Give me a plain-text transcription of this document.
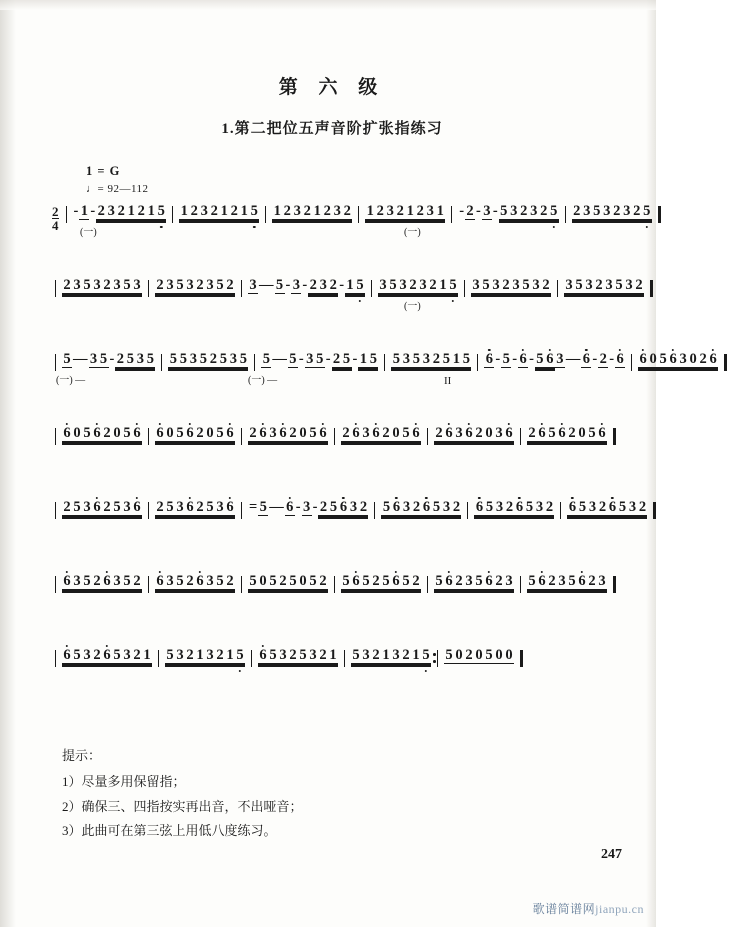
第 六 级
1.第二把位五声音阶扩张指练习
1 = G
♩= 92—112
$\frac{2}{4} - 1 - 2$ 3 2 1 2 1 5 1 2 3 2 1 2 1 5 1 2 3 2 1 2 3 2 1 2 3 2 1 2 3 1 - 2 - 3 - 5 3 2 3 2 5 2 3 5 3 2 3 2 5
(一)	(一)
2 3 5 3 2 3 5 3 2 3 5 3 2 3 5 2 3 — 5 - 3 - 2 3 2 - 1 5 3 5 3 2 3 2 1 5 3 5 3 2 3 5 3 2 3 5 3 2 3 5 3 2
(一)
5 — 3 5 - 2 5 3 5 5 5 3 5 2 5 3 5 5 — 5 - 3 5 - 2 5 - 1 5 5 3 5 3 2 5 1 5 6 - 5 - 6 - 5 6 3 — 6 - 2 - 6 6 0 5 6 3 0 2 6
(一) —	(一) —	II
6 0 5 6 2 0 5 6 6 0 5 6 2 0 5 6 2 6 3 6 2 0 5 6 2 6 3 6 2 0 5 6 2 6 3 6 2 0 3 6 2 6 5 6 2 0 5 6
2 5 3 6 2 5 3 6 2 5 3 6 2 5 3 6 = 5 — 6 - 3 - 2 5 6 3 2 5 6 3 2 6 5 3 2 6 5 3 2 6 5 3 2 6 5 3 2 6 5 3 2
6 3 5 2 6 3 5 2 6 3 5 2 6 3 5 2 5 0 5 2 5 0 5 2 5 6 5 2 5 6 5 2 5 6 2 3 5 6 2 3 5 6 2 3 5 6 2 3
6 5 3 2 6 5 3 2 1 5 3 2 1 3 2 1 5 6 5 3 2 5 3 2 1 5 3 2 1 3 2 1 5 5 0 2 0 5 0 0
提示：
1）尽量多用保留指；
2）确保三、四指按实再出音，不出哑音；
3）此曲可在第三弦上用低八度练习。
247
歌谱简谱网jianpu.cn
